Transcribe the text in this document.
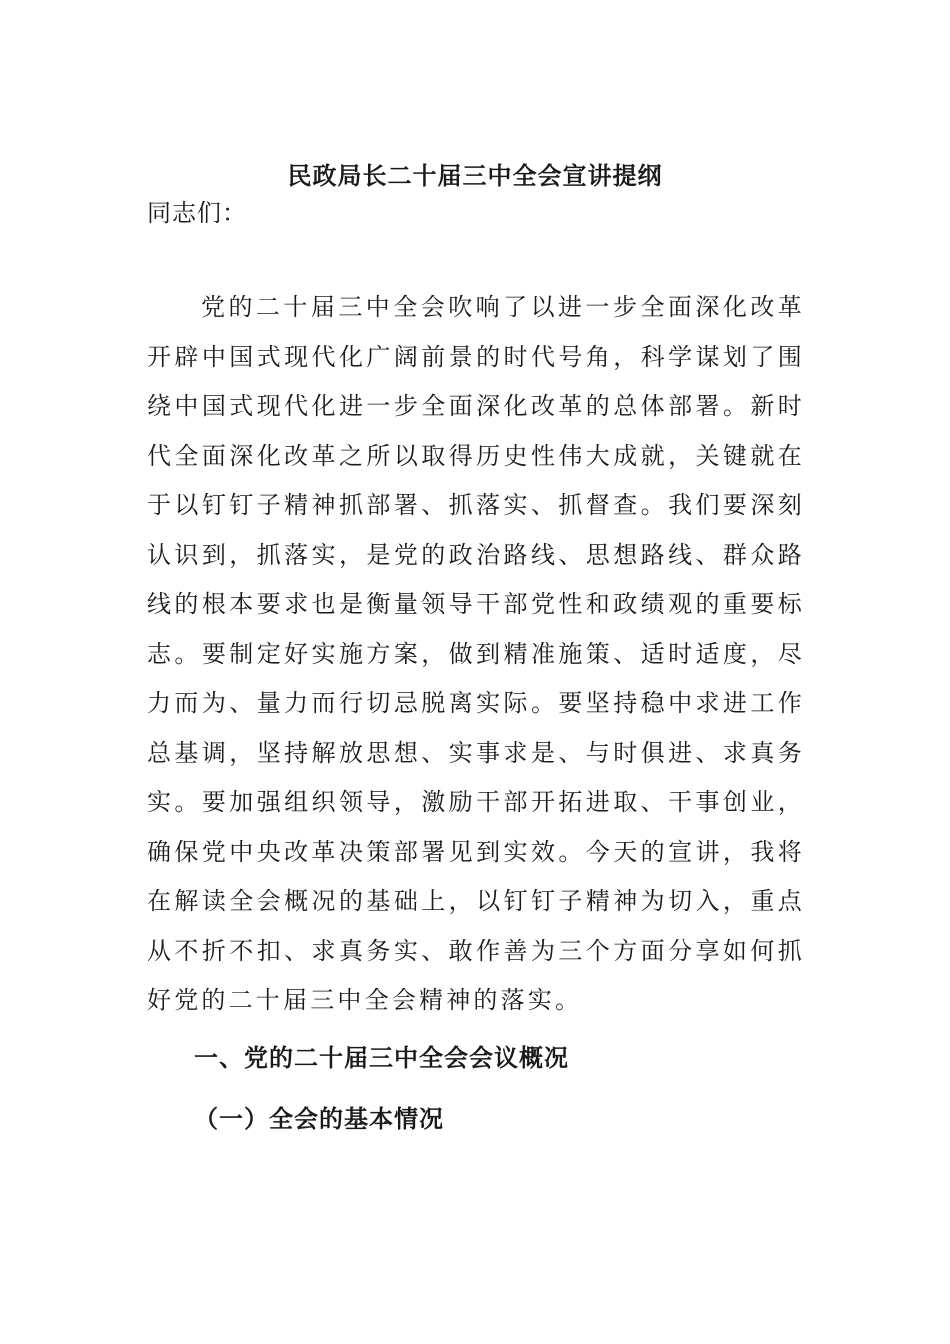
民政局长二十届三中全会宣讲提纲
同志们：

党的二十届三中全会吹响了以进一步全面深化改革开辟中国式现代化广阔前景的时代号角，科学谋划了围绕中国式现代化进一步全面深化改革的总体部署。新时代全面深化改革之所以取得历史性伟大成就，关键就在于以钉钉子精神抓部署、抓落实、抓督查。我们要深刻认识到，抓落实，是党的政治路线、思想路线、群众路线的根本要求也是衡量领导干部党性和政绩观的重要标志。要制定好实施方案，做到精准施策、适时适度，尽力而为、量力而行切忌脱离实际。要坚持稳中求进工作总基调，坚持解放思想、实事求是、与时俱进、求真务实。要加强组织领导，激励干部开拓进取、干事创业，确保党中央改革决策部署见到实效。今天的宣讲，我将在解读全会概况的基础上，以钉钉子精神为切入，重点从不折不扣、求真务实、敢作善为三个方面分享如何抓好党的二十届三中全会精神的落实。

一、党的二十届三中全会会议概况
（一）全会的基本情况
